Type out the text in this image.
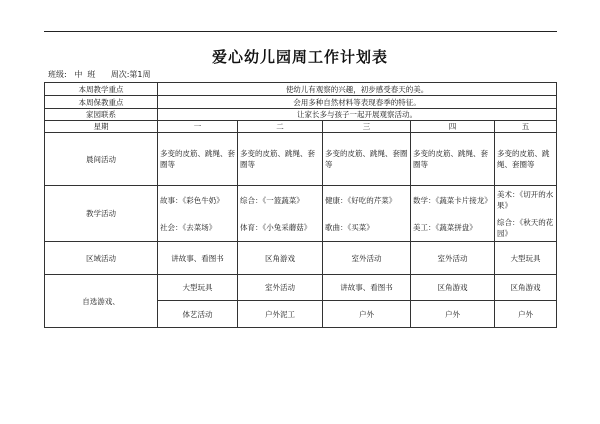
爱心幼儿园周工作计划表
班级: 中  班 周次:第1周
本周教学重点	使幼儿有观察的兴趣，初步感受春天的美。				
本周保教重点	会用多种自然材料等表现春季的特征。				
家园联系	让家长多与孩子一起开展观察活动。				
星期	一	二	三	四	五
晨间活动	多变的皮筋、跳绳、套圈等	多变的皮筋、跳绳、套圈等	多变的皮筋、跳绳、套圈等	多变的皮筋、跳绳、套圈等	多变的皮筋、跳绳、套圈等
教学活动	故事：《彩色牛奶》	综合：《一篮蔬菜》	健康：《好吃的芹菜》	数学：《蔬菜卡片接龙》	美术：《切开的水果》
	社会：《去菜场》	体育：《小兔采蘑菇》	歌曲：《买菜》	美工：《蔬菜拼盘》	综合：《秋天的花园》
区域活动	讲故事、看图书	区角游戏	室外活动	室外活动	大型玩具
自选游戏、	大型玩具	室外活动	讲故事、看图书	区角游戏	区角游戏
	体艺活动	户外泥工	户外	户外	户外
